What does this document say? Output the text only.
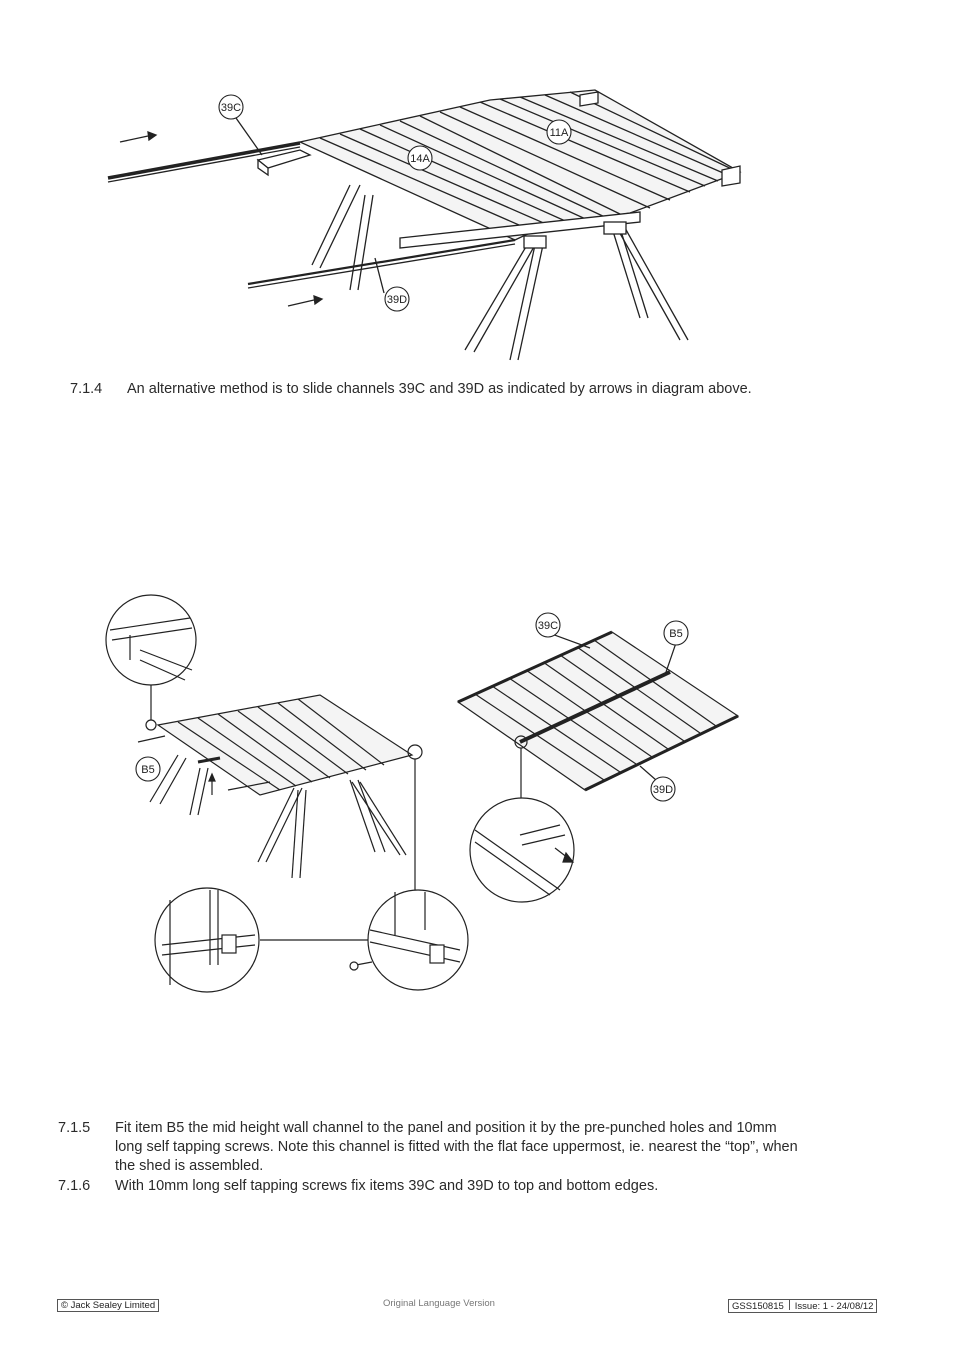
39C
11A
14A
39D
7.1.4 An alternative method is to slide channels 39C and 39D as indicated by arrows in diagram above.
B5
39C
B5
39D
7.1.5 Fit item B5 the mid height wall channel to the panel and position it by the pre-punched holes and 10mm
long self tapping screws. Note this channel is fitted with the flat face uppermost, ie. nearest the “top”, when
the shed is assembled.
7.1.6 With 10mm long self tapping screws fix items 39C and 39D to top and bottom edges.
© Jack Sealey Limited	Original Language Version	GSS150815 Issue: 1 - 24/08/12
